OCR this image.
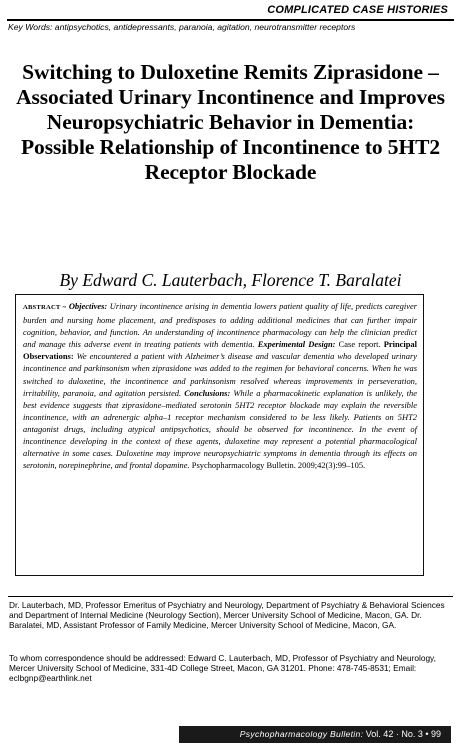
COMPLICATED CASE HISTORIES
Key Words: antipsychotics, antidepressants, paranoia, agitation, neurotransmitter receptors
Switching to Duloxetine Remits Ziprasidone – Associated Urinary Incontinence and Improves Neuropsychiatric Behavior in Dementia: Possible Relationship of Incontinence to 5HT2 Receptor Blockade
By Edward C. Lauterbach, Florence T. Baralatei
ABSTRACT ~ Objectives: Urinary incontinence arising in dementia lowers patient quality of life, predicts caregiver burden and nursing home placement, and predisposes to adding additional medicines that can further impair cognition, behavior, and function. An understanding of incontinence pharmacology can help the clinician predict and manage this adverse event in treating patients with dementia. Experimental Design: Case report. Principal Observations: We encountered a patient with Alzheimer’s disease and vascular dementia who developed urinary incontinence and parkinsonism when ziprasidone was added to the regimen for behavioral concerns. When he was switched to duloxetine, the incontinence and parkinsonism resolved whereas improvements in perseveration, irritability, paranoia, and agitation persisted. Conclusions: While a pharmacokinetic explanation is unlikely, the best evidence suggests that ziprasidone–mediated serotonin 5HT2 receptor blockade may explain the reversible incontinence, with an adrenergic alpha–1 receptor mechanism considered to be less likely. Patients on 5HT2 antagonist drugs, including atypical antipsychotics, should be observed for incontinence. In the event of incontinence developing in the context of these agents, duloxetine may represent a potential pharmacological alternative in some cases. Duloxetine may improve neuropsychiatric symptoms in dementia through its effects on serotonin, norepinephrine, and frontal dopamine. Psychopharmacology Bulletin. 2009;42(3):99–105.
Dr. Lauterbach, MD, Professor Emeritus of Psychiatry and Neurology, Department of Psychiatry & Behavioral Sciences and Department of Internal Medicine (Neurology Section), Mercer University School of Medicine, Macon, GA. Dr. Baralatei, MD, Assistant Professor of Family Medicine, Mercer University School of Medicine, Macon, GA.
To whom correspondence should be addressed: Edward C. Lauterbach, MD, Professor of Psychiatry and Neurology, Mercer University School of Medicine, 331-4D College Street, Macon, GA 31201. Phone: 478-745-8531; Email: eclbgnp@earthlink.net
Psychopharmacology Bulletin: Vol. 42 · No. 3 • 99
